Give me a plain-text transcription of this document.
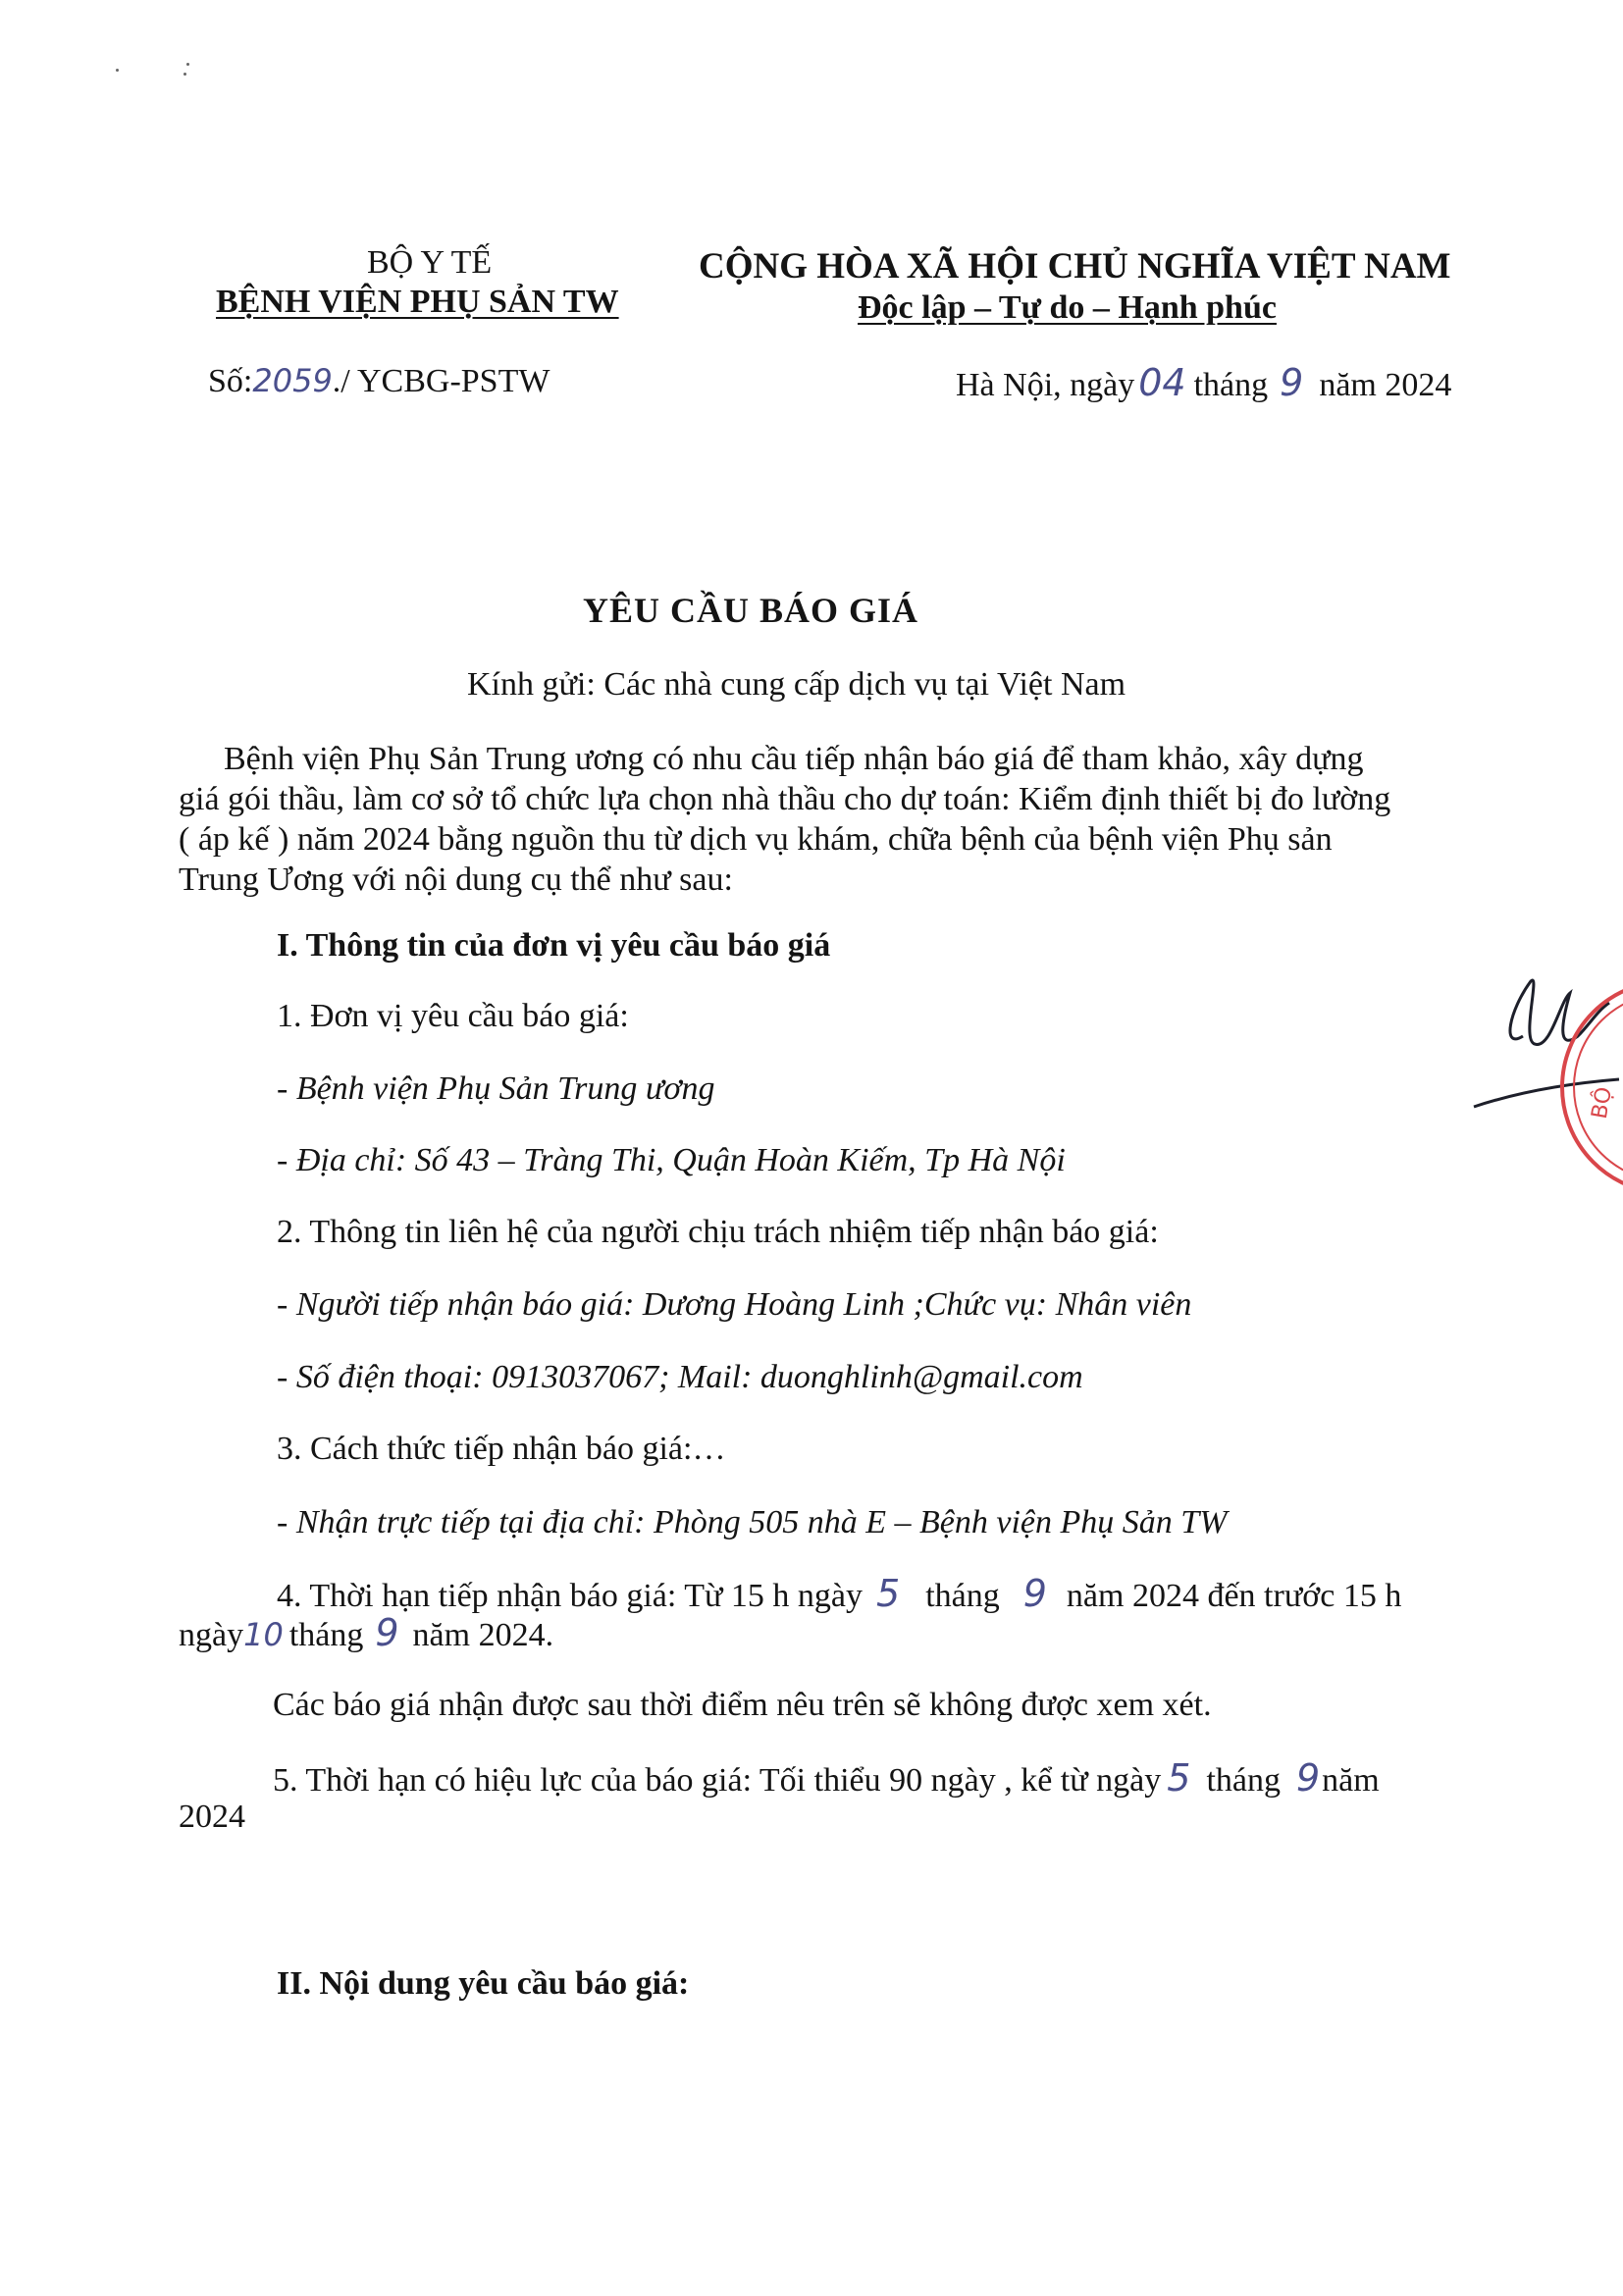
BỘ Y TẾ
BỆNH VIỆN PHỤ SẢN TW
Số:2059./ YCBG-PSTW
CỘNG HÒA XÃ HỘI CHỦ NGHĨA VIỆT NAM
Độc lập – Tự do – Hạnh phúc
Hà Nội, ngày 04 tháng 9 năm 2024
YÊU CẦU BÁO GIÁ
Kính gửi: Các nhà cung cấp dịch vụ tại Việt Nam
Bệnh viện Phụ Sản Trung ương có nhu cầu tiếp nhận báo giá để tham khảo, xây dựng
giá gói thầu, làm cơ sở tổ chức lựa chọn nhà thầu cho dự toán: Kiểm định thiết bị đo lường
( áp kế ) năm 2024 bằng nguồn thu từ dịch vụ khám, chữa bệnh của bệnh viện Phụ sản
Trung Ương với nội dung cụ thể như sau:
I. Thông tin của đơn vị yêu cầu báo giá
1. Đơn vị yêu cầu báo giá:
- Bệnh viện Phụ Sản Trung ương
- Địa chỉ: Số 43 – Tràng Thi, Quận Hoàn Kiếm, Tp Hà Nội
2. Thông tin liên hệ của người chịu trách nhiệm tiếp nhận báo giá:
- Người tiếp nhận báo giá: Dương Hoàng Linh ;Chức vụ: Nhân viên
- Số điện thoại: 0913037067; Mail: duonghlinh@gmail.com
3. Cách thức tiếp nhận báo giá:…
- Nhận trực tiếp tại địa chỉ: Phòng 505 nhà E – Bệnh viện Phụ Sản TW
4. Thời hạn tiếp nhận báo giá: Từ 15 h ngày 5 tháng 9 năm 2024 đến trước 15 h
ngày10 tháng 9 năm 2024.
Các báo giá nhận được sau thời điểm nêu trên sẽ không được xem xét.
5. Thời hạn có hiệu lực của báo giá: Tối thiểu 90 ngày , kể từ ngày 5 tháng 9năm
2024
II. Nội dung yêu cầu báo giá:
BỘ
